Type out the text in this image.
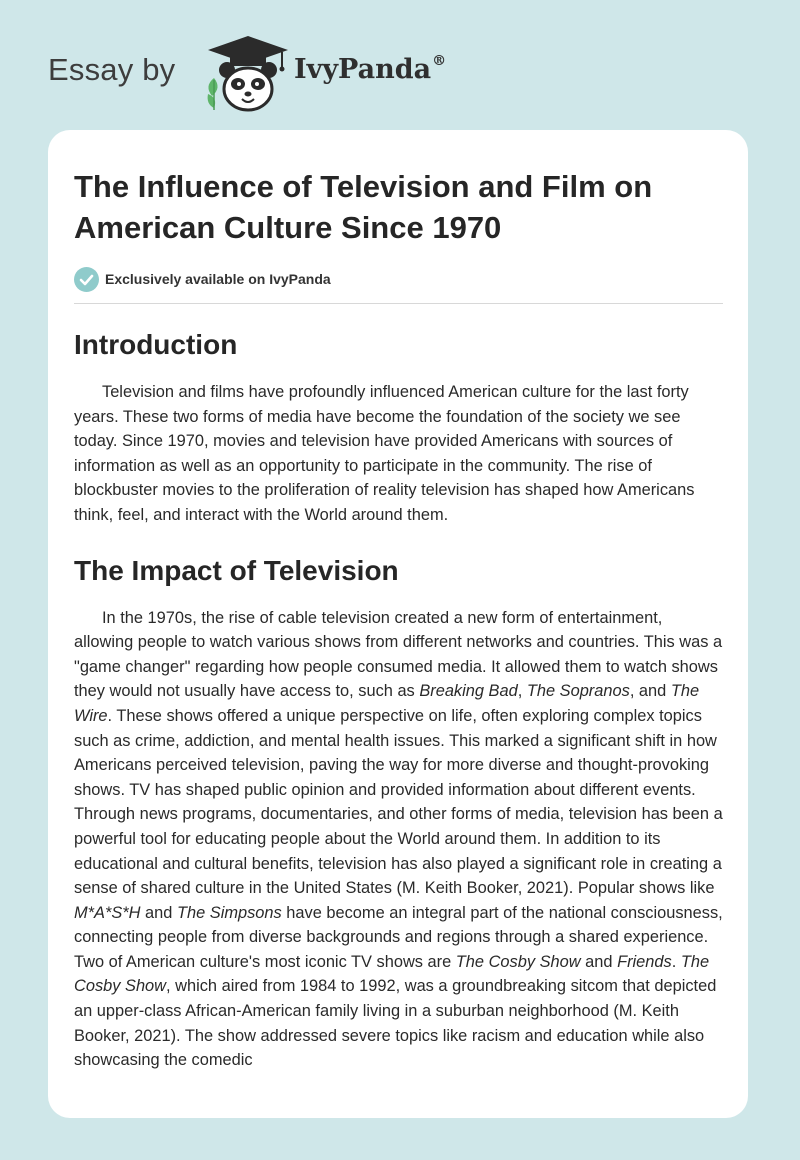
Essay by	IvyPanda®
The Influence of Television and Film on American Culture Since 1970
Exclusively available on IvyPanda
Introduction

Television and films have profoundly influenced American culture for the last forty years. These two forms of media have become the foundation of the society we see today. Since 1970, movies and television have provided Americans with sources of information as well as an opportunity to participate in the community. The rise of blockbuster movies to the proliferation of reality television has shaped how Americans think, feel, and interact with the World around them.

The Impact of Television

In the 1970s, the rise of cable television created a new form of entertainment, allowing people to watch various shows from different networks and countries. This was a "game changer" regarding how people consumed media. It allowed them to watch shows they would not usually have access to, such as Breaking Bad, The Sopranos, and The Wire. These shows offered a unique perspective on life, often exploring complex topics such as crime, addiction, and mental health issues. This marked a significant shift in how Americans perceived television, paving the way for more diverse and thought-provoking shows. TV has shaped public opinion and provided information about different events. Through news programs, documentaries, and other forms of media, television has been a powerful tool for educating people about the World around them. In addition to its educational and cultural benefits, television has also played a significant role in creating a sense of shared culture in the United States (M. Keith Booker, 2021). Popular shows like M*A*S*H and The Simpsons have become an integral part of the national consciousness, connecting people from diverse backgrounds and regions through a shared experience. Two of American culture's most iconic TV shows are The Cosby Show and Friends. The Cosby Show, which aired from 1984 to 1992, was a groundbreaking sitcom that depicted an upper-class African-American family living in a suburban neighborhood (M. Keith Booker, 2021). The show addressed severe topics like racism and education while also showcasing the comedic
